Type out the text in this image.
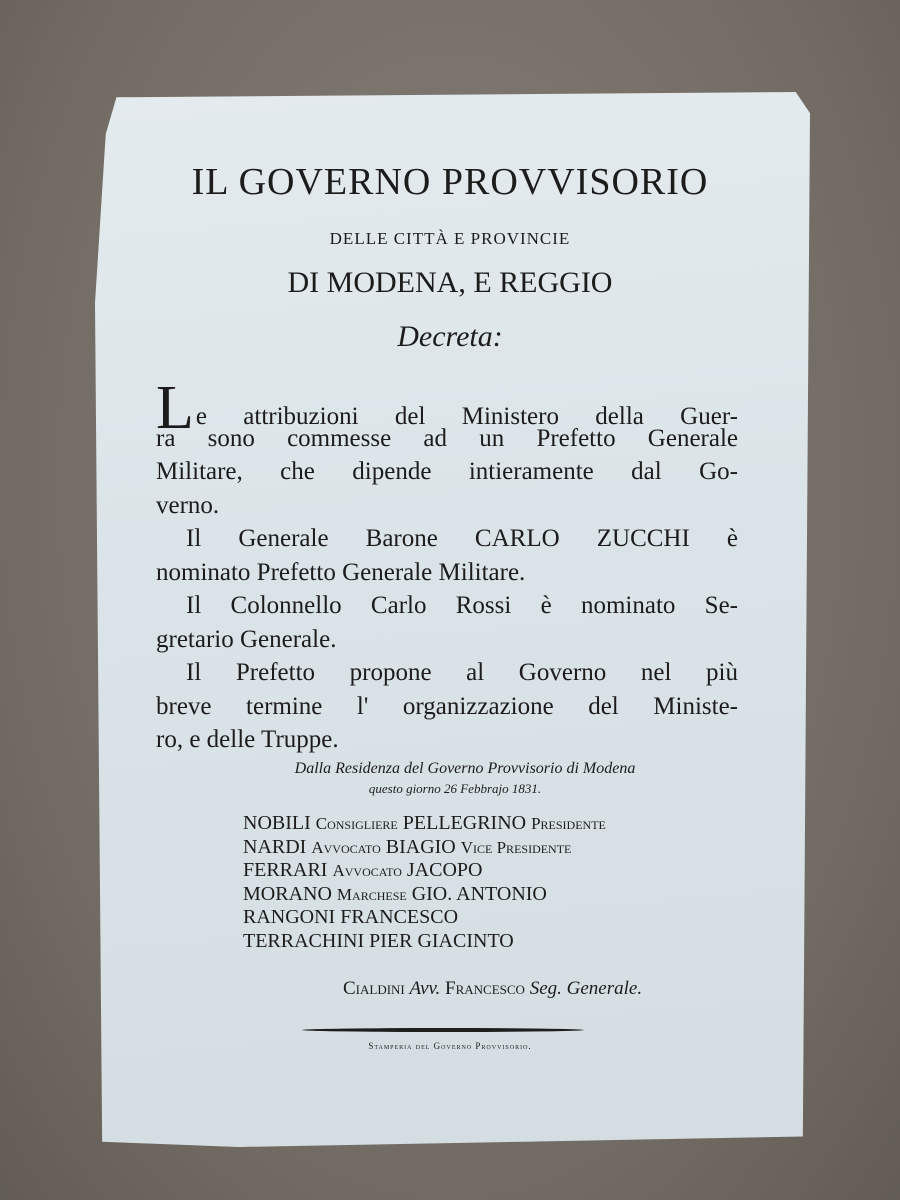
IL GOVERNO PROVVISORIO
DELLE CITTÀ E PROVINCIE
DI MODENA, E REGGIO
Decreta:
Le attribuzioni del Ministero della Guer-
ra sono commesse ad un Prefetto Generale
Militare, che dipende intieramente dal Go-
verno.
Il Generale Barone CARLO ZUCCHI è
nominato Prefetto Generale Militare.
Il Colonnello Carlo Rossi è nominato Se-
gretario Generale.
Il Prefetto propone al Governo nel più
breve termine l' organizzazione del Ministe-
ro, e delle Truppe.
Dalla Residenza del Governo Provvisorio di Modena
questo giorno 26 Febbrajo 1831.
NOBILI Consigliere PELLEGRINO Presidente
NARDI Avvocato BIAGIO Vice Presidente
FERRARI Avvocato JACOPO
MORANO Marchese GIO. ANTONIO
RANGONI FRANCESCO
TERRACHINI PIER GIACINTO
Cialdini Avv. Francesco Seg. Generale.
Stamperia del Governo Provvisorio.
